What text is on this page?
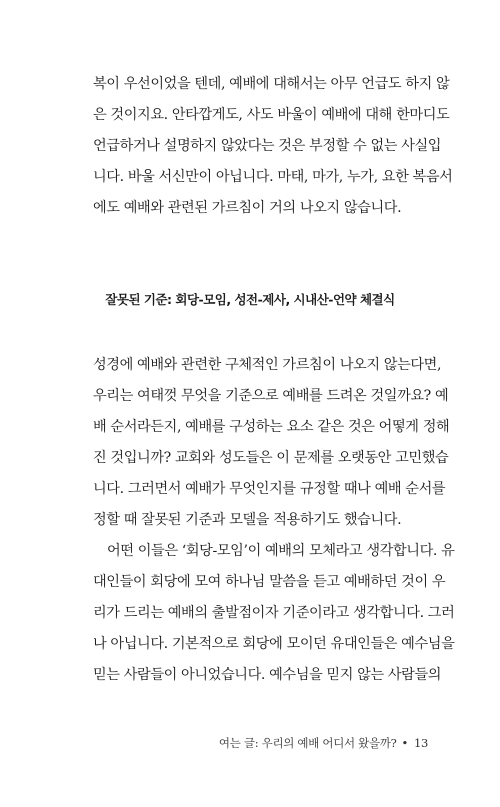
복이 우선이었을 텐데, 예배에 대해서는 아무 언급도 하지 않
은 것이지요. 안타깝게도, 사도 바울이 예배에 대해 한마디도
언급하거나 설명하지 않았다는 것은 부정할 수 없는 사실입
니다. 바울 서신만이 아닙니다. 마태, 마가, 누가, 요한 복음서
에도 예배와 관련된 가르침이 거의 나오지 않습니다.
잘못된 기준: 회당-모임, 성전-제사, 시내산-언약 체결식
성경에 예배와 관련한 구체적인 가르침이 나오지 않는다면,
우리는 여태껏 무엇을 기준으로 예배를 드려온 것일까요? 예
배 순서라든지, 예배를 구성하는 요소 같은 것은 어떻게 정해
진 것입니까? 교회와 성도들은 이 문제를 오랫동안 고민했습
니다. 그러면서 예배가 무엇인지를 규정할 때나 예배 순서를
정할 때 잘못된 기준과 모델을 적용하기도 했습니다.
어떤 이들은 ‘회당-모임’이 예배의 모체라고 생각합니다. 유
대인들이 회당에 모여 하나님 말씀을 듣고 예배하던 것이 우
리가 드리는 예배의 출발점이자 기준이라고 생각합니다. 그러
나 아닙니다. 기본적으로 회당에 모이던 유대인들은 예수님을
믿는 사람들이 아니었습니다. 예수님을 믿지 않는 사람들의
여는 글: 우리의 예배 어디서 왔을까? • 13
